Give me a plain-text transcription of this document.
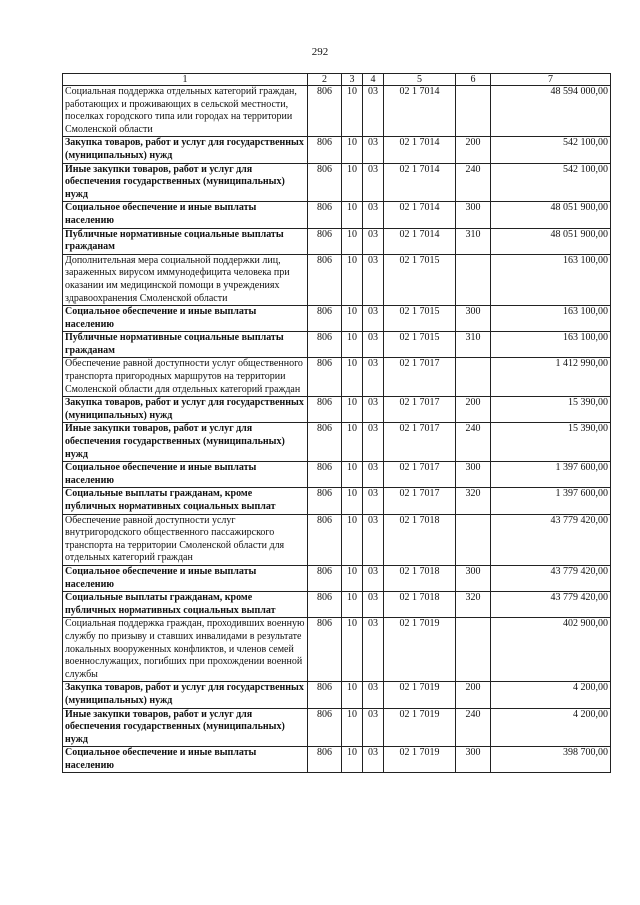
292
1	2	3	4	5	6	7
Социальная поддержка отдельных категорий граждан, работающих и проживающих в сельской местности, поселках городского типа или городах на территории Смоленской области	806	10	03	02 1 7014		48 594 000,00
Закупка товаров, работ и услуг для государственных (муниципальных) нужд	806	10	03	02 1 7014	200	542 100,00
Иные закупки товаров, работ и услуг для обеспечения государственных (муниципальных) нужд	806	10	03	02 1 7014	240	542 100,00
Социальное обеспечение и иные выплаты населению	806	10	03	02 1 7014	300	48 051 900,00
Публичные нормативные социальные выплаты гражданам	806	10	03	02 1 7014	310	48 051 900,00
Дополнительная мера социальной поддержки лиц, зараженных вирусом иммунодефицита человека при оказании им медицинской помощи в учреждениях здравоохранения Смоленской области	806	10	03	02 1 7015		163 100,00
Социальное обеспечение и иные выплаты населению	806	10	03	02 1 7015	300	163 100,00
Публичные нормативные социальные выплаты гражданам	806	10	03	02 1 7015	310	163 100,00
Обеспечение равной доступности услуг общественного транспорта пригородных маршрутов на территории Смоленской области для отдельных категорий граждан	806	10	03	02 1 7017		1 412 990,00
Закупка товаров, работ и услуг для государственных (муниципальных) нужд	806	10	03	02 1 7017	200	15 390,00
Иные закупки товаров, работ и услуг для обеспечения государственных (муниципальных) нужд	806	10	03	02 1 7017	240	15 390,00
Социальное обеспечение и иные выплаты населению	806	10	03	02 1 7017	300	1 397 600,00
Социальные выплаты гражданам, кроме публичных нормативных социальных выплат	806	10	03	02 1 7017	320	1 397 600,00
Обеспечение равной доступности услуг внутригородского общественного пассажирского транспорта на территории Смоленской области для отдельных категорий граждан	806	10	03	02 1 7018		43 779 420,00
Социальное обеспечение и иные выплаты населению	806	10	03	02 1 7018	300	43 779 420,00
Социальные выплаты гражданам, кроме публичных нормативных социальных выплат	806	10	03	02 1 7018	320	43 779 420,00
Социальная поддержка граждан, проходивших военную службу по призыву и ставших инвалидами в результате локальных вооруженных конфликтов, и членов семей военнослужащих, погибших при прохождении военной службы	806	10	03	02 1 7019		402 900,00
Закупка товаров, работ и услуг для государственных (муниципальных) нужд	806	10	03	02 1 7019	200	4 200,00
Иные закупки товаров, работ и услуг для обеспечения государственных (муниципальных) нужд	806	10	03	02 1 7019	240	4 200,00
Социальное обеспечение и иные выплаты населению	806	10	03	02 1 7019	300	398 700,00
